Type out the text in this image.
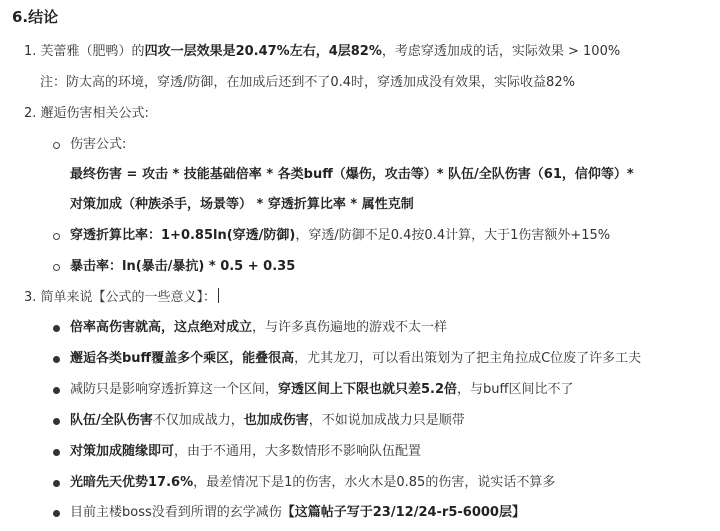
6.结论
1. 芙蕾雅（肥鸭）的四攻一层效果是20.47%左右，4层82%，考虑穿透加成的话，实际效果 > 100%
注：防太高的环境，穿透/防御，在加成后还到不了0.4时，穿透加成没有效果，实际收益82%
2. 邂逅伤害相关公式:
伤害公式:
最终伤害 = 攻击 * 技能基础倍率 * 各类buff（爆伤，攻击等）* 队伍/全队伤害（61，信仰等）*
对策加成（种族杀手，场景等） * 穿透折算比率 * 属性克制
穿透折算比率：1+0.85ln(穿透/防御)，穿透/防御不足0.4按0.4计算，大于1伤害额外+15%
暴击率：ln(暴击/暴抗) * 0.5 + 0.35
3. 简单来说【公式的一些意义】：
倍率高伤害就高，这点绝对成立，与许多真伤遍地的游戏不太一样
邂逅各类buff覆盖多个乘区，能叠很高，尤其龙刀，可以看出策划为了把主角拉成C位废了许多工夫
减防只是影响穿透折算这一个区间，穿透区间上下限也就只差5.2倍，与buff区间比不了
队伍/全队伤害不仅加成战力，也加成伤害，不如说加成战力只是顺带
对策加成随缘即可，由于不通用，大多数情形不影响队伍配置
光暗先天优势17.6%，最差情况下是1的伤害，水火木是0.85的伤害，说实话不算多
目前主楼boss没看到所谓的玄学减伤【这篇帖子写于23/12/24-r5-6000层】
